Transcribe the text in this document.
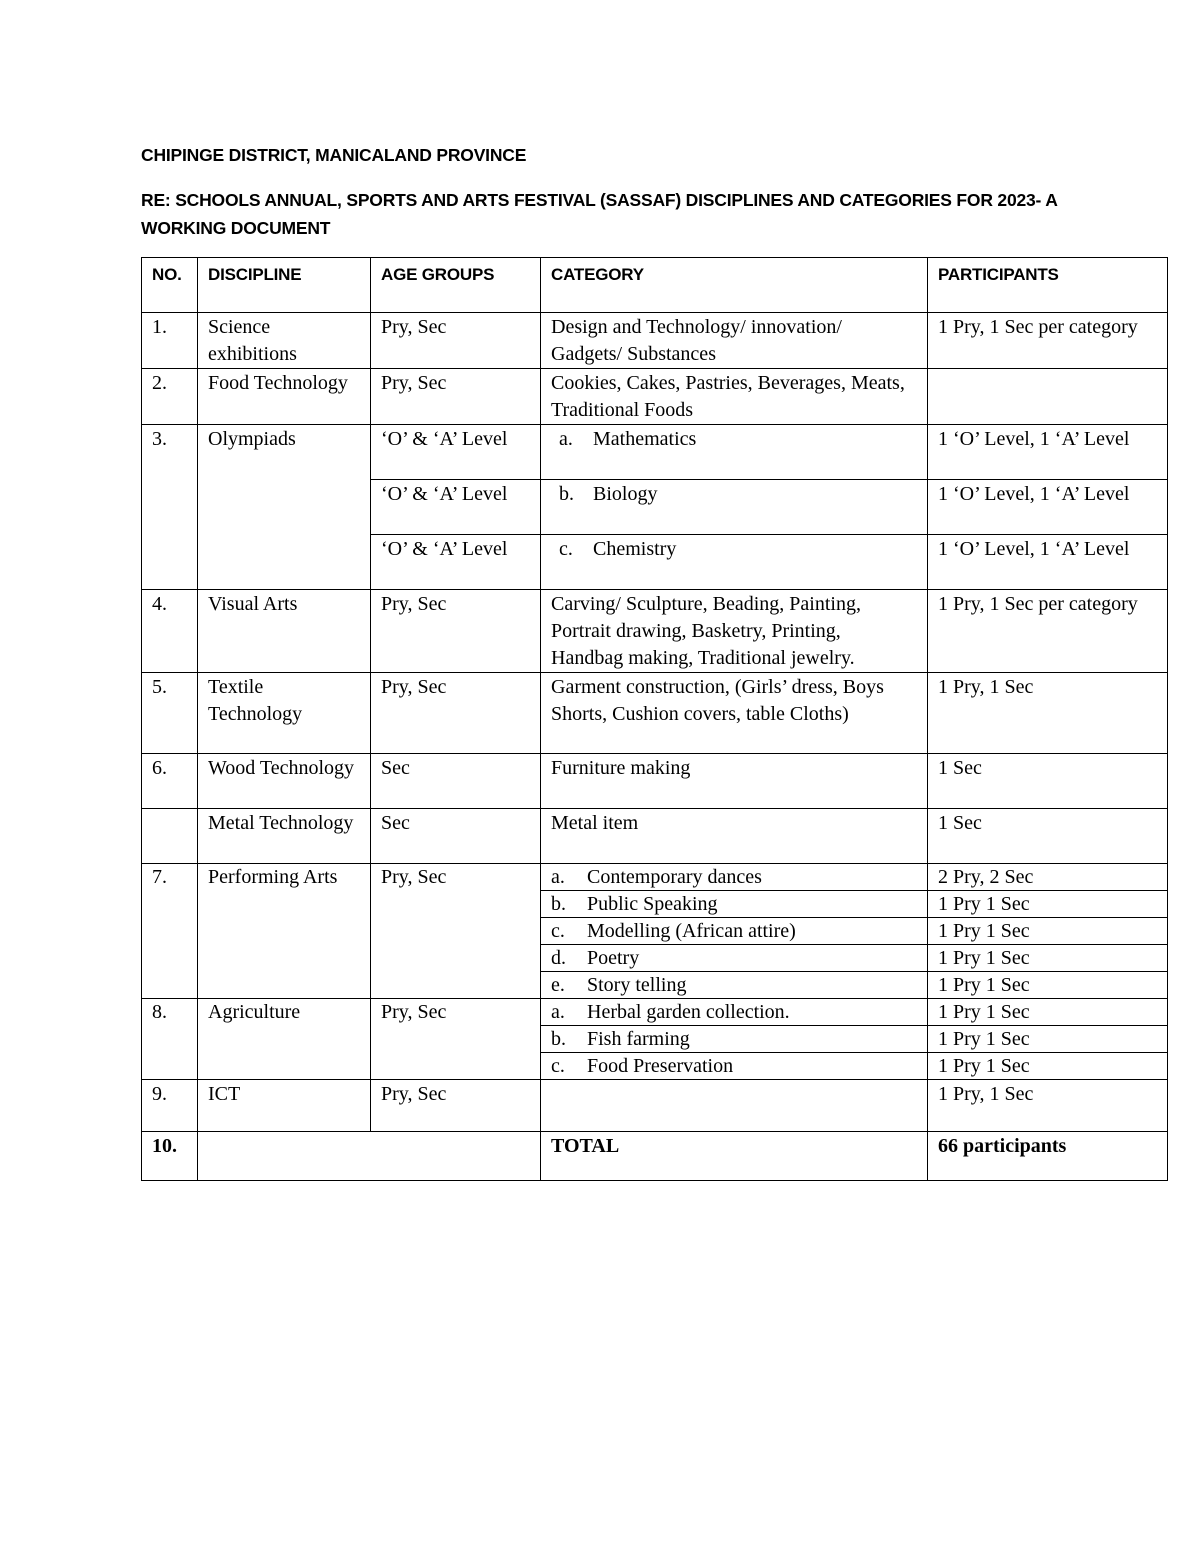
CHIPINGE DISTRICT, MANICALAND PROVINCE

RE: SCHOOLS ANNUAL, SPORTS AND ARTS FESTIVAL (SASSAF) DISCIPLINES AND CATEGORIES FOR 2023- A WORKING DOCUMENT

NO.	DISCIPLINE	AGE GROUPS	CATEGORY	PARTICIPANTS
1.	Science exhibitions	Pry, Sec	Design and Technology/ innovation/ Gadgets/ Substances	1 Pry, 1 Sec per category
2.	Food Technology	Pry, Sec	Cookies, Cakes, Pastries, Beverages, Meats, Traditional Foods	
3.	Olympiads	‘O’ & ‘A’ Level	a. Mathematics	1 ‘O’ Level, 1 ‘A’ Level
		‘O’ & ‘A’ Level	b. Biology	1 ‘O’ Level, 1 ‘A’ Level
		‘O’ & ‘A’ Level	c. Chemistry	1 ‘O’ Level, 1 ‘A’ Level
4.	Visual Arts	Pry, Sec	Carving/ Sculpture, Beading, Painting, Portrait drawing, Basketry, Printing, Handbag making, Traditional jewelry.	1 Pry, 1 Sec per category
5.	Textile Technology	Pry, Sec	Garment construction, (Girls’ dress, Boys Shorts, Cushion covers, table Cloths)	1 Pry, 1 Sec
6.	Wood Technology	Sec	Furniture making	1 Sec
	Metal Technology	Sec	Metal item	1 Sec
7.	Performing Arts	Pry, Sec	a. Contemporary dances	2 Pry, 2 Sec

			b. Public Speaking	1 Pry 1 Sec

			c. Modelling (African attire)	1 Pry 1 Sec

			d. Poetry	1 Pry 1 Sec

			e. Story telling	1 Pry 1 Sec
8.	Agriculture	Pry, Sec	a. Herbal garden collection.	1 Pry 1 Sec

			b. Fish farming	1 Pry 1 Sec

			c. Food Preservation	1 Pry 1 Sec
9.	ICT	Pry, Sec		1 Pry, 1 Sec
10.			TOTAL	66 participants
